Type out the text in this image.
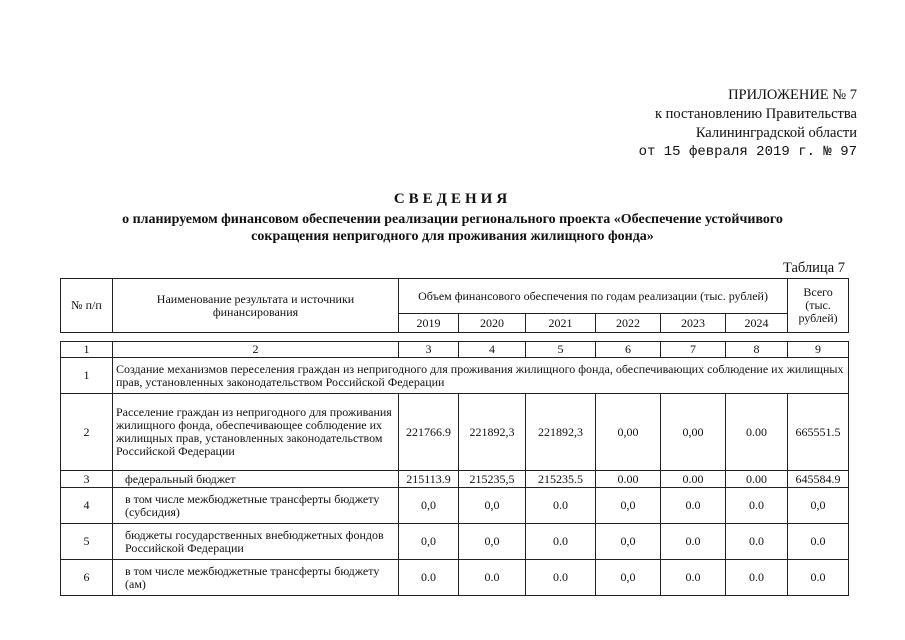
ПРИЛОЖЕНИЕ № 7
к постановлению Правительства
Калининградской области
от 15 февраля 2019 г. № 97
СВЕДЕНИЯ
о планируемом финансовом обеспечении реализации регионального проекта «Обеспечение устойчивого
сокращения непригодного для проживания жилищного фонда»
Таблица 7
№ п/п	Наименование результата и источники финансирования	Объем финансового обеспечения по годам реализации (тыс. рублей)						Всего (тыс. рублей)
		2019	2020	2021	2022	2023	2024	
1	2	3	4	5	6	7	8	9
1	Создание механизмов переселения граждан из непригодного для проживания жилищного фонда, обеспечивающих соблюдение их жилищных прав, установленных законодательством Российской Федерации							
2	Расселение граждан из непригодного для проживания жилищного фонда, обеспечивающее соблюдение их жилищных прав, установленных законодательством Российской Федерации	221766.9	221892,3	221892,3	0,00	0,00	0.00	665551.5
3	федеральный бюджет	215113.9	215235,5	215235.5	0.00	0.00	0.00	645584.9
4	в том числе межбюджетные трансферты бюджету (субсидия)	0,0	0,0	0.0	0,0	0.0	0.0	0,0
5	бюджеты государственных внебюджетных фондов Российской Федерации	0,0	0,0	0.0	0,0	0.0	0.0	0.0
6	в том числе межбюджетные трансферты бюджету (ам)	0.0	0.0	0.0	0,0	0.0	0.0	0.0
